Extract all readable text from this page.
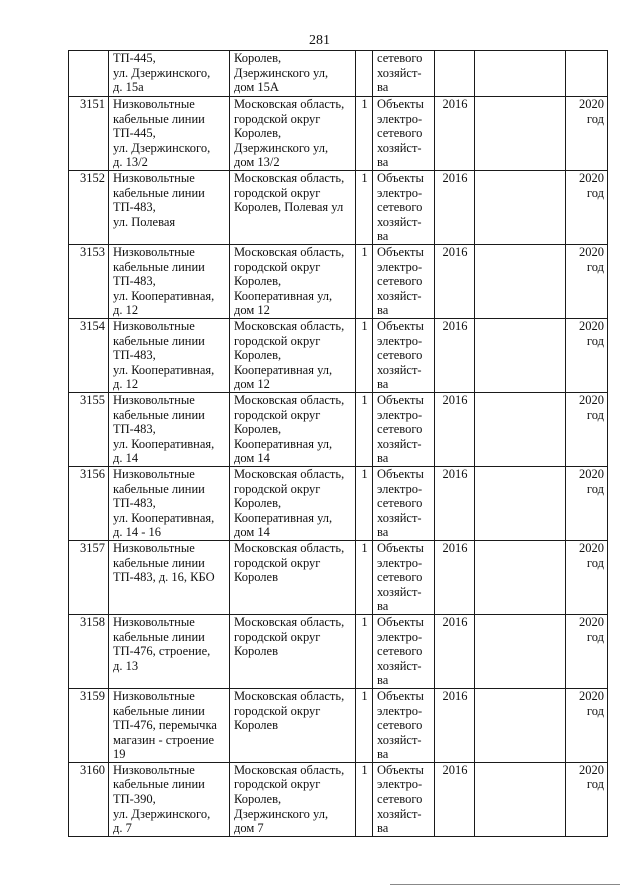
281
	ТП-445,
ул. Дзержинского,
д. 15а	Королев,
Дзержинского ул,
дом 15А		сетевого
хозяйст-
ва			
3151	Низковольтные
кабельные линии
ТП-445,
ул. Дзержинского,
д. 13/2	Московская область,
городской округ
Королев,
Дзержинского ул,
дом 13/2	1	Объекты
электро-
сетевого
хозяйст-
ва	2016		2020
год
3152	Низковольтные
кабельные линии
ТП-483,
ул. Полевая	Московская область,
городской округ
Королев, Полевая ул	1	Объекты
электро-
сетевого
хозяйст-
ва	2016		2020
год
3153	Низковольтные
кабельные линии
ТП-483,
ул. Кооперативная,
д. 12	Московская область,
городской округ
Королев,
Кооперативная ул,
дом 12	1	Объекты
электро-
сетевого
хозяйст-
ва	2016		2020
год
3154	Низковольтные
кабельные линии
ТП-483,
ул. Кооперативная,
д. 12	Московская область,
городской округ
Королев,
Кооперативная ул,
дом 12	1	Объекты
электро-
сетевого
хозяйст-
ва	2016		2020
год
3155	Низковольтные
кабельные линии
ТП-483,
ул. Кооперативная,
д. 14	Московская область,
городской округ
Королев,
Кооперативная ул,
дом 14	1	Объекты
электро-
сетевого
хозяйст-
ва	2016		2020
год
3156	Низковольтные
кабельные линии
ТП-483,
ул. Кооперативная,
д. 14 - 16	Московская область,
городской округ
Королев,
Кооперативная ул,
дом 14	1	Объекты
электро-
сетевого
хозяйст-
ва	2016		2020
год
3157	Низковольтные
кабельные линии
ТП-483, д. 16, КБО	Московская область,
городской округ
Королев	1	Объекты
электро-
сетевого
хозяйст-
ва	2016		2020
год
3158	Низковольтные
кабельные линии
ТП-476, строение,
д. 13	Московская область,
городской округ
Королев	1	Объекты
электро-
сетевого
хозяйст-
ва	2016		2020
год
3159	Низковольтные
кабельные линии
ТП-476, перемычка
магазин - строение
19	Московская область,
городской округ
Королев	1	Объекты
электро-
сетевого
хозяйст-
ва	2016		2020
год
3160	Низковольтные
кабельные линии
ТП-390,
ул. Дзержинского,
д. 7	Московская область,
городской округ
Королев,
Дзержинского ул,
дом 7	1	Объекты
электро-
сетевого
хозяйст-
ва	2016		2020
год
